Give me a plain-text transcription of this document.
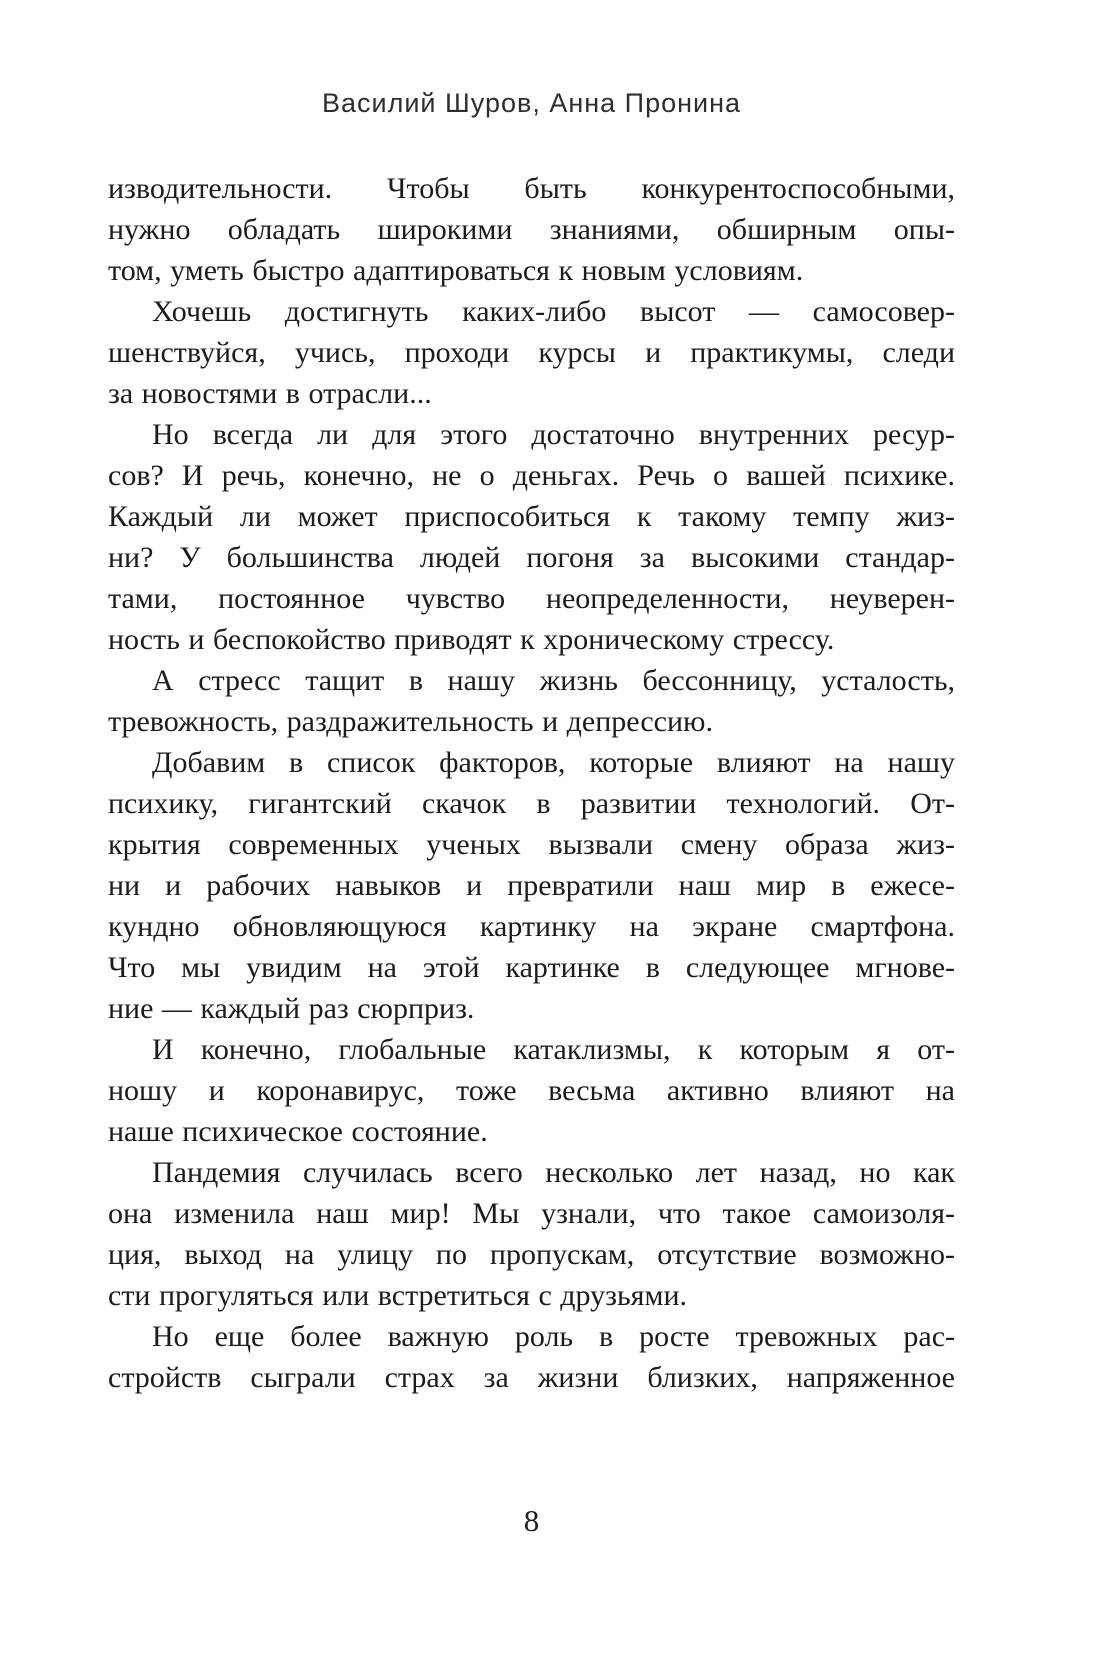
Василий Шуров, Анна Пронина
изводительности. Чтобы быть конкурентоспособными,
нужно обладать широкими знаниями, обширным опы-
том, уметь быстро адаптироваться к новым условиям.
Хочешь достигнуть каких-либо высот — самосовер-
шенствуйся, учись, проходи курсы и практикумы, следи
за новостями в отрасли...
Но всегда ли для этого достаточно внутренних ресур-
сов? И речь, конечно, не о деньгах. Речь о вашей психике.
Каждый ли может приспособиться к такому темпу жиз-
ни? У большинства людей погоня за высокими стандар-
тами, постоянное чувство неопределенности, неуверен-
ность и беспокойство приводят к хроническому стрессу.
А стресс тащит в нашу жизнь бессонницу, усталость,
тревожность, раздражительность и депрессию.
Добавим в список факторов, которые влияют на нашу
психику, гигантский скачок в развитии технологий. От-
крытия современных ученых вызвали смену образа жиз-
ни и рабочих навыков и превратили наш мир в ежесе-
кундно обновляющуюся картинку на экране смартфона.
Что мы увидим на этой картинке в следующее мгнове-
ние — каждый раз сюрприз.
И конечно, глобальные катаклизмы, к которым я от-
ношу и коронавирус, тоже весьма активно влияют на
наше психическое состояние.
Пандемия случилась всего несколько лет назад, но как
она изменила наш мир! Мы узнали, что такое самоизоля-
ция, выход на улицу по пропускам, отсутствие возможно-
сти прогуляться или встретиться с друзьями.
Но еще более важную роль в росте тревожных рас-
стройств сыграли страх за жизни близких, напряженное
8
